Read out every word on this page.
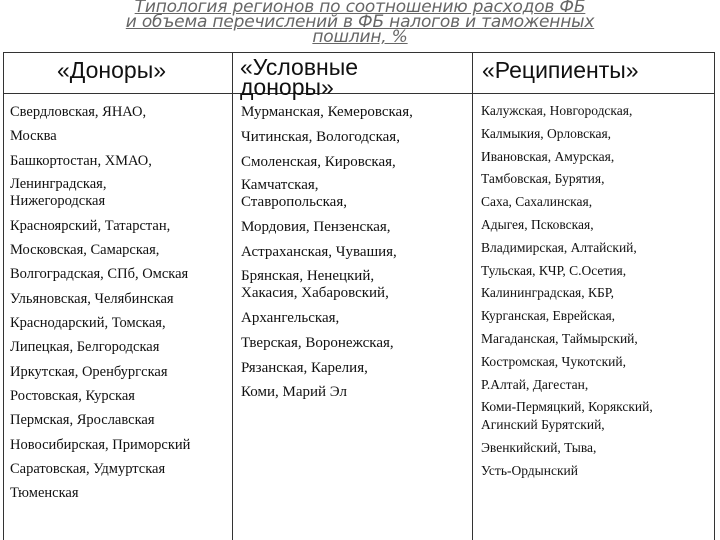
Типология регионов по соотношению расходов ФБ
и объема перечислений в ФБ налогов и таможенных
пошлин, %
«Доноры»	«Условные
доноры»
«Реципиенты»
Свердловская, ЯНАО,
Москва
Башкортостан, ХМАО,
Ленинградская,
Нижегородская
Красноярский, Татарстан,
Московская, Самарская,
Волгоградская, СПб, Омская
Ульяновская, Челябинская
Краснодарский, Томская,
Липецкая, Белгородская
Иркутская, Оренбургская
Ростовская, Курская
Пермская, Ярославская
Новосибирская, Приморский
Саратовская, Удмуртская
Тюменская
Мурманская, Кемеровская,
Читинская, Вологодская,
Смоленская, Кировская,
Камчатская,
Ставропольская,
Мордовия, Пензенская,
Астраханская, Чувашия,
Брянская, Ненецкий,
Хакасия, Хабаровский,
Архангельская,
Тверская, Воронежская,
Рязанская, Карелия,
Коми, Марий Эл
Калужская, Новгородская,
Калмыкия, Орловская,
Ивановская, Амурская,
Тамбовская, Бурятия,
Саха, Сахалинская,
Адыгея, Псковская,
Владимирская, Алтайский,
Тульская, КЧР, С.Осетия,
Калининградская, КБР,
Курганская, Еврейская,
Магаданская, Таймырский,
Костромская, Чукотский,
Р.Алтай, Дагестан,
Коми-Пермяцкий, Корякский,
Агинский Бурятский,
Эвенкийский, Тыва,
Усть-Ордынский
